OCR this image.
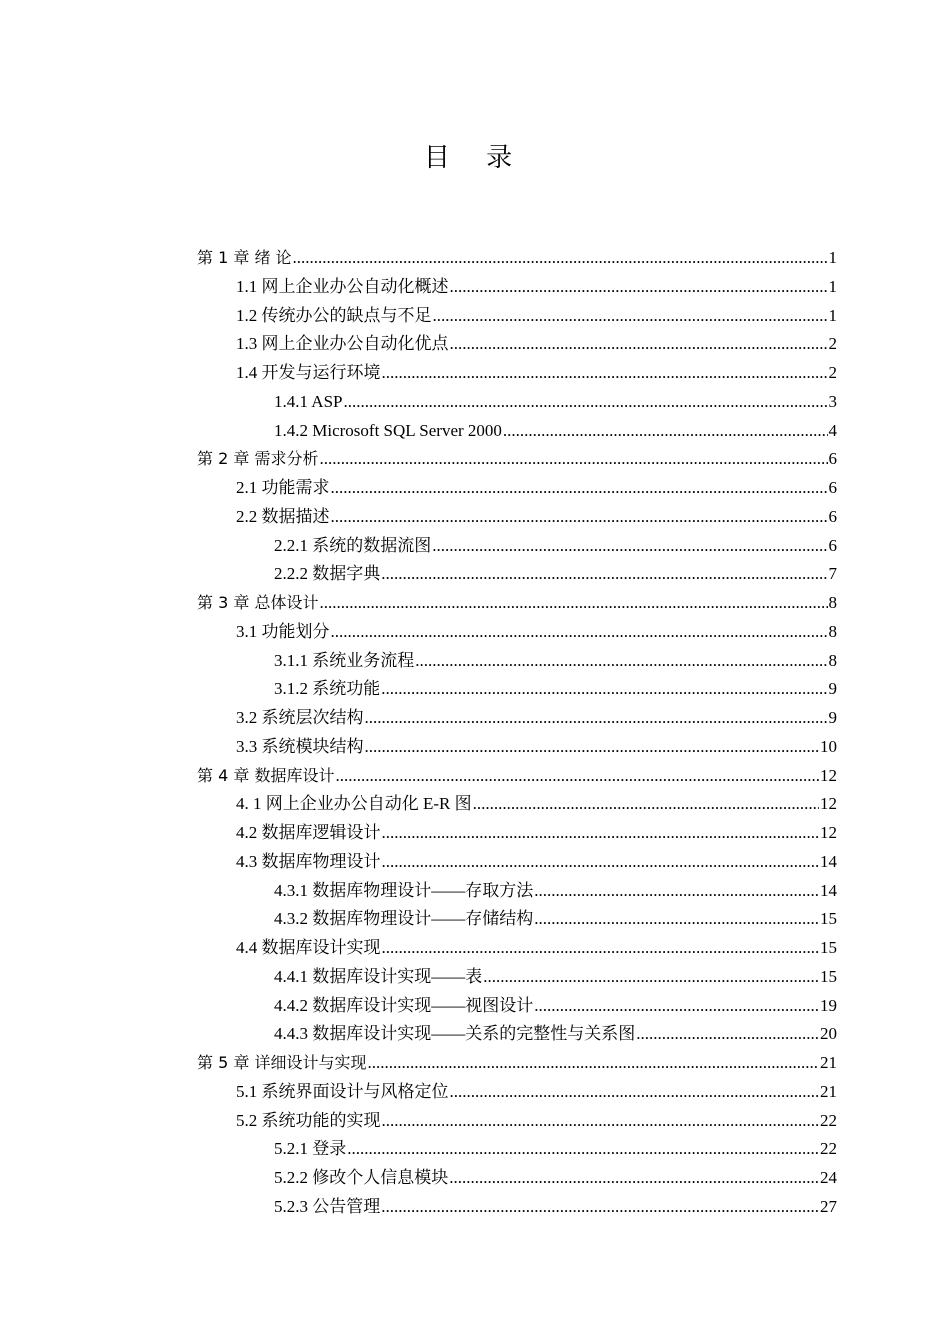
目 录
第 1 章 绪 论 .....	1
1.1 网上企业办公自动化概述 .....	1
1.2 传统办公的缺点与不足 .....	1
1.3 网上企业办公自动化优点 .....	2
1.4 开发与运行环境 .....	2
1.4.1 ASP .....	3
1.4.2 Microsoft SQL Server 2000 .....	4
第 2 章 需求分析 .....	6
2.1 功能需求 .....	6
2.2 数据描述 .....	6
2.2.1 系统的数据流图 .....	6
2.2.2 数据字典 .....	7
第 3 章 总体设计 .....	8
3.1 功能划分 .....	8
3.1.1 系统业务流程 .....	8
3.1.2 系统功能 .....	9
3.2 系统层次结构 .....	9
3.3 系统模块结构 .....	10
第 4 章 数据库设计 .....	12
4. 1 网上企业办公自动化 E-R 图 .....	12
4.2 数据库逻辑设计 .....	12
4.3 数据库物理设计 .....	14
4.3.1 数据库物理设计——存取方法 .....	14
4.3.2 数据库物理设计——存储结构 .....	15
4.4 数据库设计实现 .....	15
4.4.1 数据库设计实现——表 .....	15
4.4.2 数据库设计实现——视图设计 .....	19
4.4.3 数据库设计实现——关系的完整性与关系图 .....	20
第 5 章 详细设计与实现 .....	21
5.1 系统界面设计与风格定位 .....	21
5.2 系统功能的实现 .....	22
5.2.1 登录 .....	22
5.2.2 修改个人信息模块 .....	24
5.2.3 公告管理 .....	27
